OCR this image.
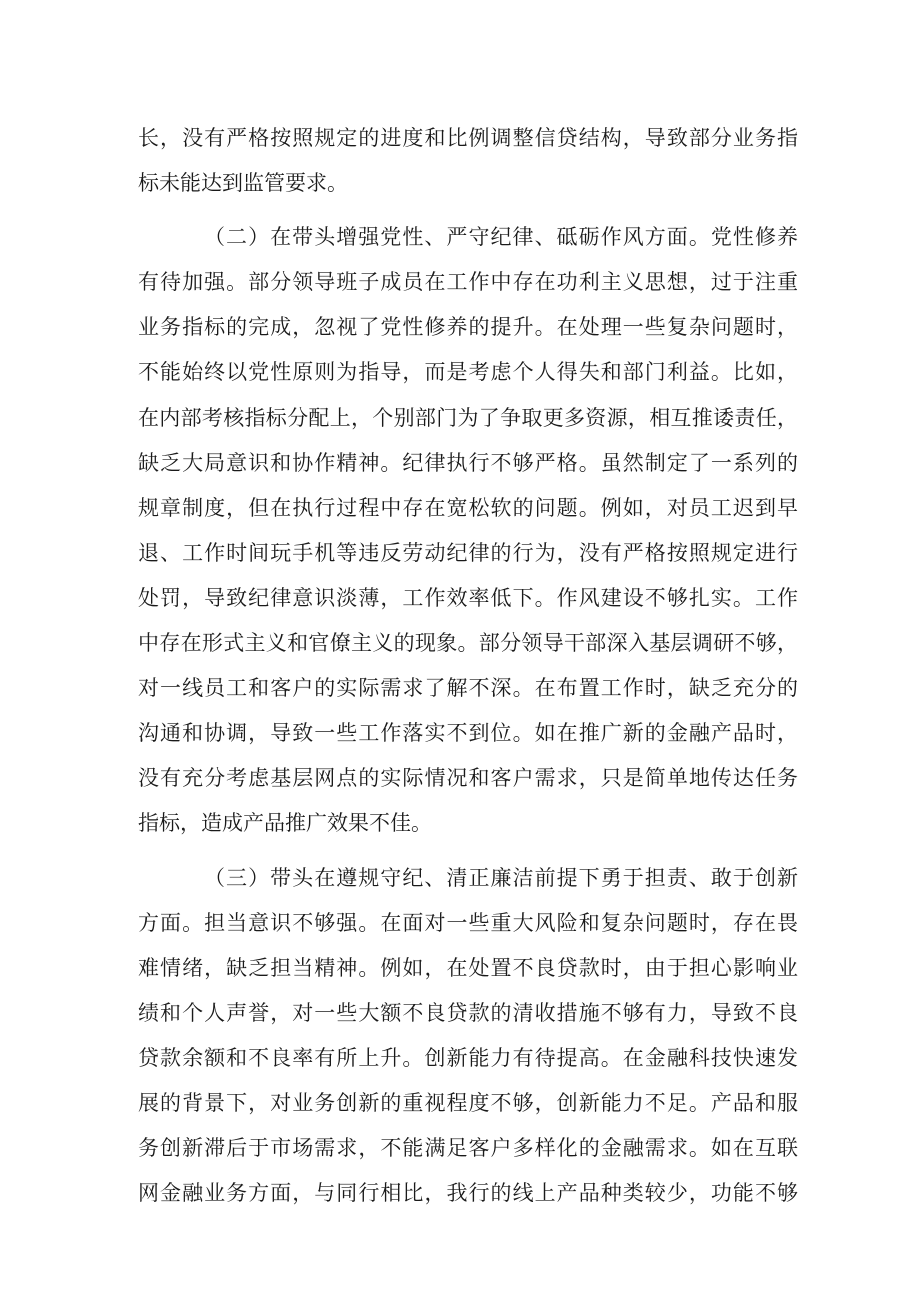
长，没有严格按照规定的进度和比例调整信贷结构，导致部分业务指
标未能达到监管要求。
（二）在带头增强党性、严守纪律、砥砺作风方面。党性修养
有待加强。部分领导班子成员在工作中存在功利主义思想，过于注重
业务指标的完成，忽视了党性修养的提升。在处理一些复杂问题时，
不能始终以党性原则为指导，而是考虑个人得失和部门利益。比如，
在内部考核指标分配上，个别部门为了争取更多资源，相互推诿责任，
缺乏大局意识和协作精神。纪律执行不够严格。虽然制定了一系列的
规章制度，但在执行过程中存在宽松软的问题。例如，对员工迟到早
退、工作时间玩手机等违反劳动纪律的行为，没有严格按照规定进行
处罚，导致纪律意识淡薄，工作效率低下。作风建设不够扎实。工作
中存在形式主义和官僚主义的现象。部分领导干部深入基层调研不够，
对一线员工和客户的实际需求了解不深。在布置工作时，缺乏充分的
沟通和协调，导致一些工作落实不到位。如在推广新的金融产品时，
没有充分考虑基层网点的实际情况和客户需求，只是简单地传达任务
指标，造成产品推广效果不佳。
（三）带头在遵规守纪、清正廉洁前提下勇于担责、敢于创新
方面。担当意识不够强。在面对一些重大风险和复杂问题时，存在畏
难情绪，缺乏担当精神。例如，在处置不良贷款时，由于担心影响业
绩和个人声誉，对一些大额不良贷款的清收措施不够有力，导致不良
贷款余额和不良率有所上升。创新能力有待提高。在金融科技快速发
展的背景下，对业务创新的重视程度不够，创新能力不足。产品和服
务创新滞后于市场需求，不能满足客户多样化的金融需求。如在互联
网金融业务方面，与同行相比，我行的线上产品种类较少，功能不够
